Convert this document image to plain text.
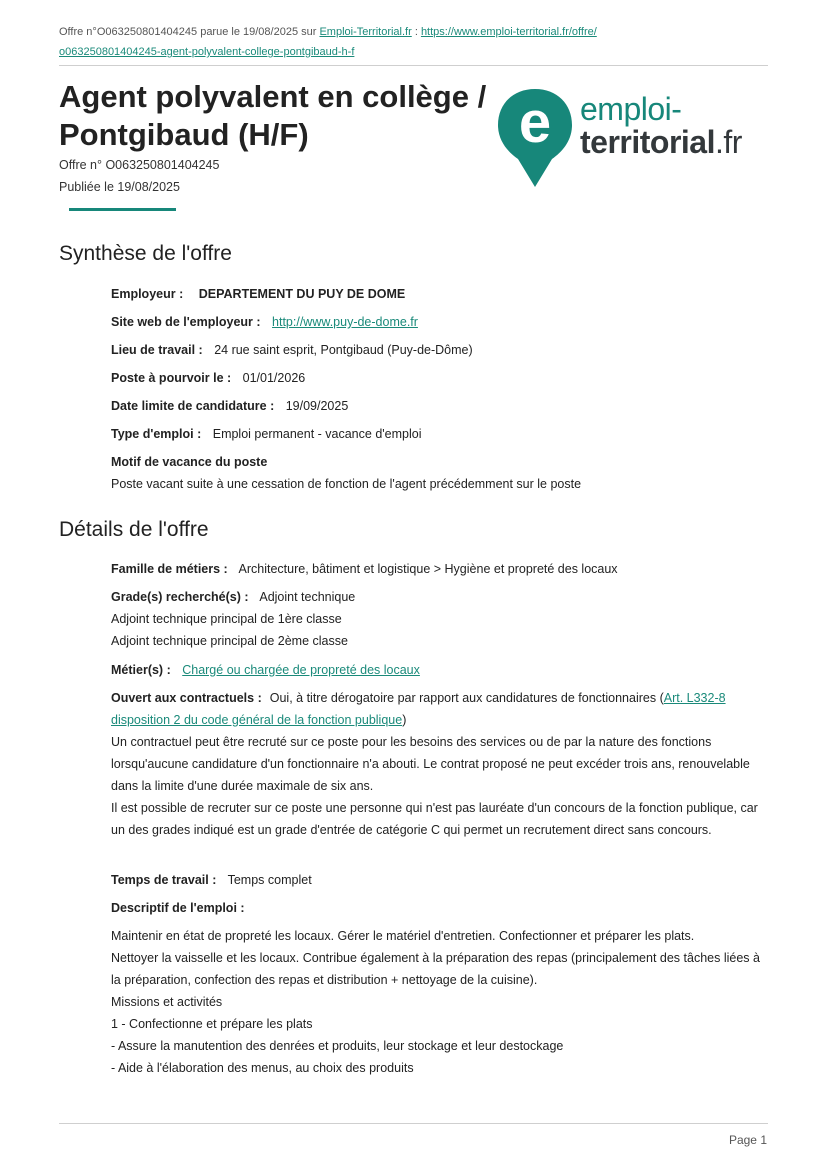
Offre n°O063250801404245 parue le 19/08/2025 sur Emploi-Territorial.fr : https://www.emploi-territorial.fr/offre/o063250801404245-agent-polyvalent-college-pontgibaud-h-f
Agent polyvalent en collège / Pontgibaud (H/F)
Offre n° O063250801404245
Publiée le 19/08/2025
e emploi-
territorial.fr
Synthèse de l'offre
Employeur : DEPARTEMENT DU PUY DE DOME
Site web de l'employeur : http://www.puy-de-dome.fr
Lieu de travail : 24 rue saint esprit, Pontgibaud (Puy-de-Dôme)
Poste à pourvoir le : 01/01/2026
Date limite de candidature : 19/09/2025
Type d'emploi : Emploi permanent - vacance d'emploi
Motif de vacance du poste
Poste vacant suite à une cessation de fonction de l'agent précédemment sur le poste
Détails de l'offre
Famille de métiers : Architecture, bâtiment et logistique > Hygiène et propreté des locaux
Grade(s) recherché(s) : Adjoint technique
Adjoint technique principal de 1ère classe
Adjoint technique principal de 2ème classe
Métier(s) : Chargé ou chargée de propreté des locaux

Ouvert aux contractuels : Oui, à titre dérogatoire par rapport aux candidatures de fonctionnaires (Art. L332-8 disposition 2 du code général de la fonction publique)

Un contractuel peut être recruté sur ce poste pour les besoins des services ou de par la nature des fonctions lorsqu'aucune candidature d'un fonctionnaire n'a abouti. Le contrat proposé ne peut excéder trois ans, renouvelable dans la limite d'une durée maximale de six ans.

Il est possible de recruter sur ce poste une personne qui n'est pas lauréate d'un concours de la fonction publique, car un des grades indiqué est un grade d'entrée de catégorie C qui permet un recrutement direct sans concours.

Temps de travail : Temps complet
Descriptif de l'emploi :
Maintenir en état de propreté les locaux. Gérer le matériel d'entretien. Confectionner et préparer les plats.
Nettoyer la vaisselle et les locaux. Contribue également à la préparation des repas (principalement des tâches liées à la préparation, confection des repas et distribution + nettoyage de la cuisine).
Missions et activités
1 - Confectionne et prépare les plats
- Assure la manutention des denrées et produits, leur stockage et leur destockage
- Aide à l'élaboration des menus, au choix des produits
Page 1
